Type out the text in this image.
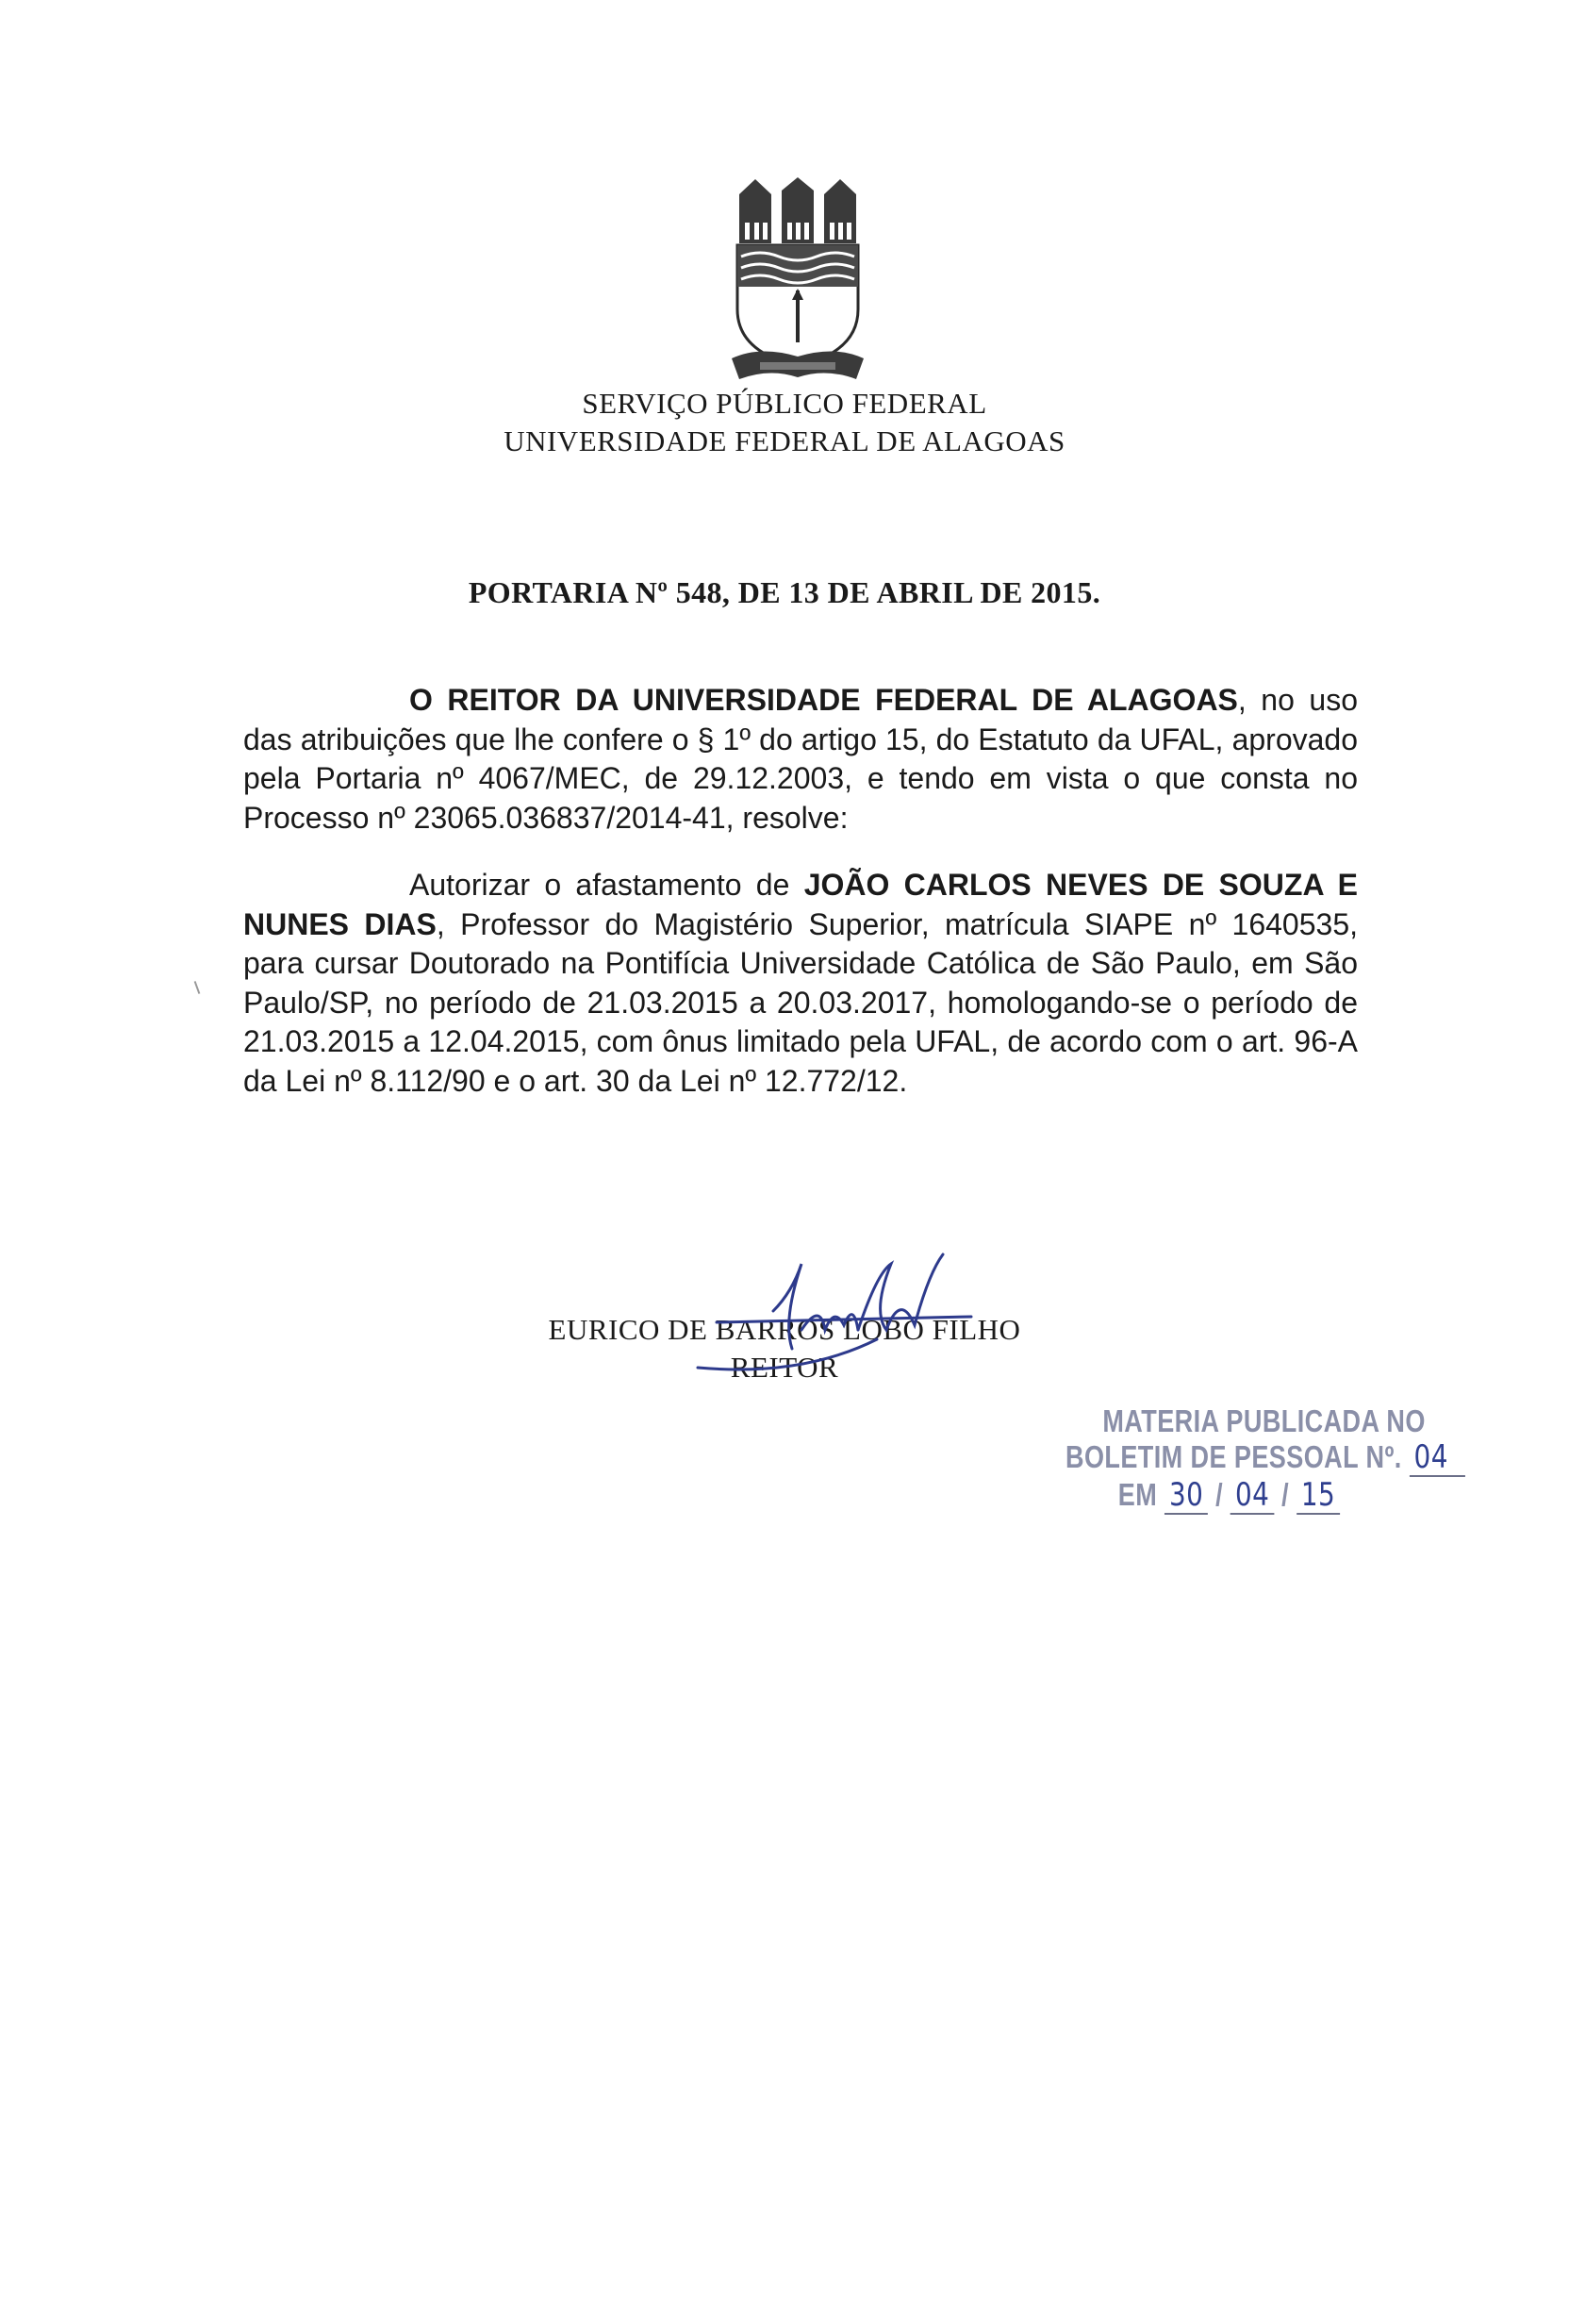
SERVIÇO PÚBLICO FEDERAL
UNIVERSIDADE FEDERAL DE ALAGOAS
PORTARIA Nº 548, DE 13 DE ABRIL DE 2015.
O REITOR DA UNIVERSIDADE FEDERAL DE ALAGOAS, no uso das atribuições que lhe confere o § 1º do artigo 15, do Estatuto da UFAL, aprovado pela Portaria nº 4067/MEC, de 29.12.2003, e tendo em vista o que consta no Processo nº 23065.036837/2014-41, resolve:
Autorizar o afastamento de JOÃO CARLOS NEVES DE SOUZA E NUNES DIAS, Professor do Magistério Superior, matrícula SIAPE nº 1640535, para cursar Doutorado na Pontifícia Universidade Católica de São Paulo, em São Paulo/SP, no período de 21.03.2015 a 20.03.2017, homologando-se o período de 21.03.2015 a 12.04.2015, com ônus limitado pela UFAL, de acordo com o art. 96-A da Lei nº 8.112/90 e o art. 30 da Lei nº 12.772/12.
EURICO DE BARROS LOBO FILHO
REITOR
MATERIA PUBLICADA NO
BOLETIM DE PESSOAL Nº. 04
EM 30 / 04 / 15
